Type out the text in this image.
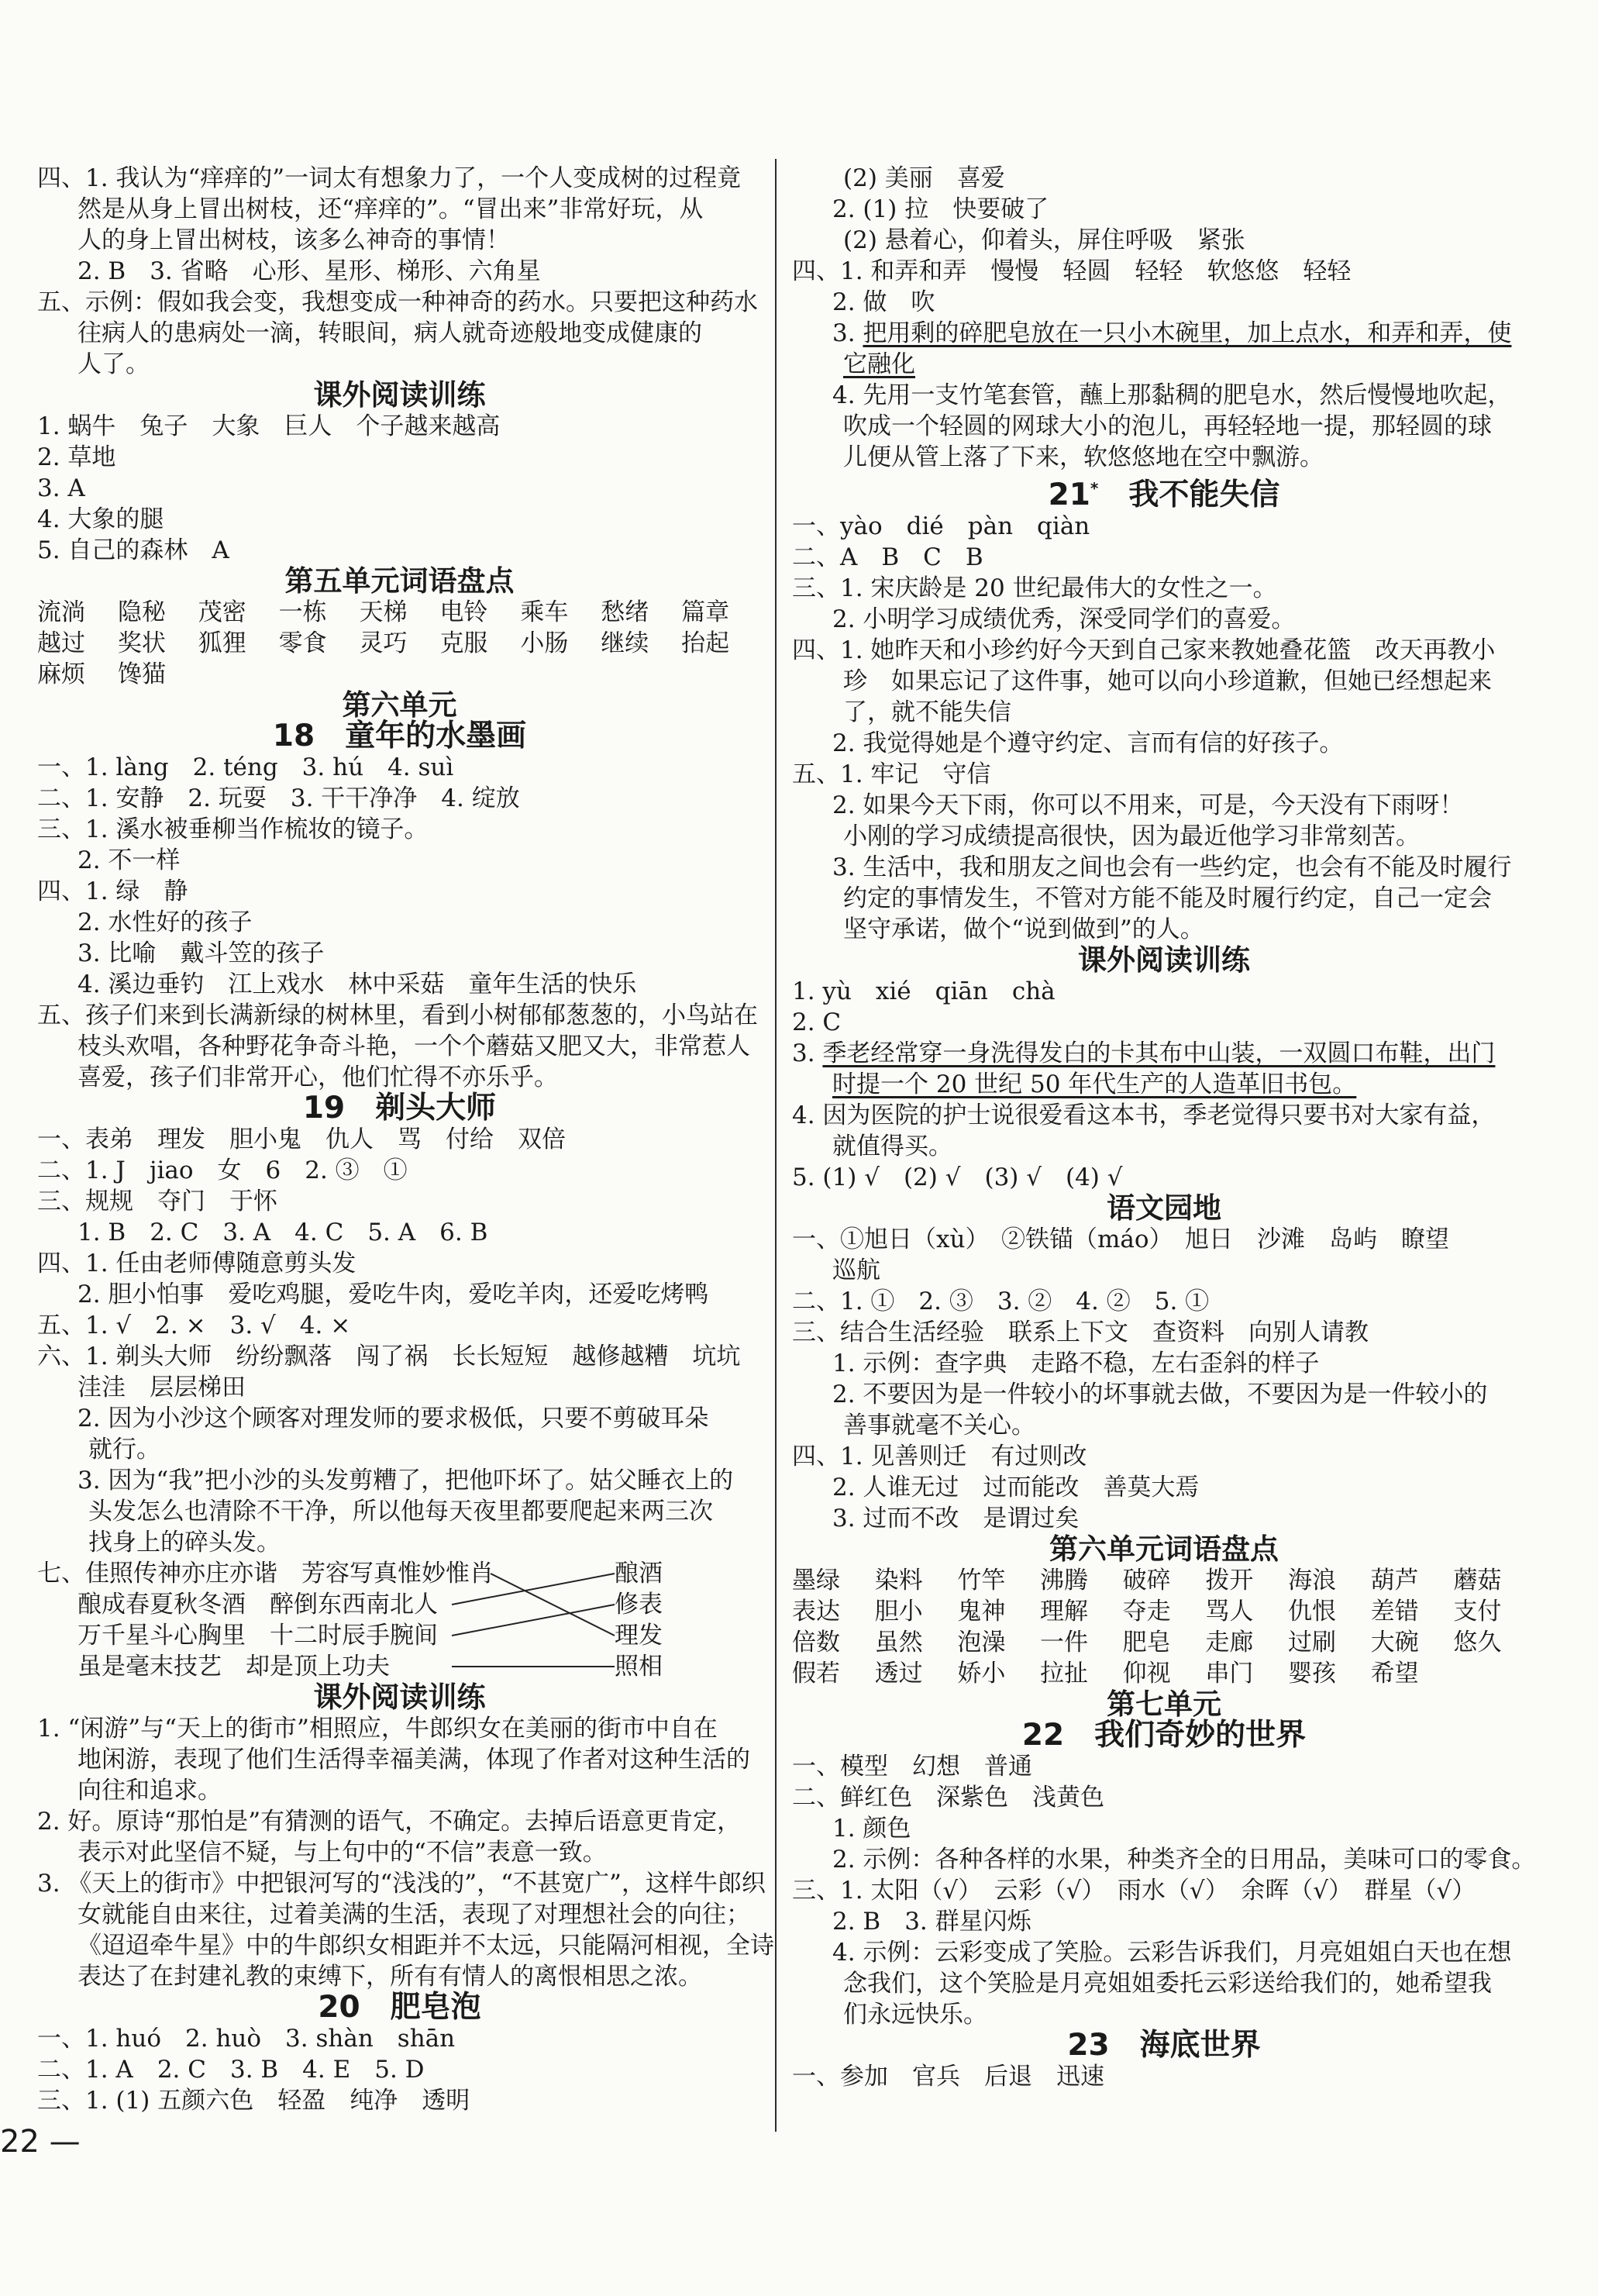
四、1. 我认为“痒痒的”一词太有想象力了，一个人变成树的过程竟
然是从身上冒出树枝，还“痒痒的”。“冒出来”非常好玩，从
人的身上冒出树枝，该多么神奇的事情！
2. B　3. 省略　心形、星形、梯形、六角星
五、示例：假如我会变，我想变成一种神奇的药水。只要把这种药水
往病人的患病处一滴，转眼间，病人就奇迹般地变成健康的
人了。
课外阅读训练
1. 蜗牛　兔子　大象　巨人　个子越来越高
2. 草地
3. A
4. 大象的腿
5. 自己的森林　A
第五单元词语盘点
流淌	隐秘	茂密	一栋	天梯	电铃	乘车	愁绪	篇章
越过	奖状	狐狸	零食	灵巧	克服	小肠	继续	抬起
麻烦	馋猫
第六单元
18　童年的水墨画
一、1. làng　2. téng　3. hú　4. suì
二、1. 安静　2. 玩耍　3. 干干净净　4. 绽放
三、1. 溪水被垂柳当作梳妆的镜子。
2. 不一样
四、1. 绿　静
2. 水性好的孩子
3. 比喻　戴斗笠的孩子
4. 溪边垂钓　江上戏水　林中采菇　童年生活的快乐
五、孩子们来到长满新绿的树林里，看到小树郁郁葱葱的，小鸟站在
枝头欢唱，各种野花争奇斗艳，一个个蘑菇又肥又大，非常惹人
喜爱，孩子们非常开心，他们忙得不亦乐乎。
19　剃头大师
一、表弟　理发　胆小鬼　仇人　骂　付给　双倍
二、1. J　jiao　女　6　2. ③　①
三、规规　夺门　于怀
1. B　2. C　3. A　4. C　5. A　6. B
四、1. 任由老师傅随意剪头发
2. 胆小怕事　爱吃鸡腿，爱吃牛肉，爱吃羊肉，还爱吃烤鸭
五、1. √　2. ×　3. √　4. ×
六、1. 剃头大师　纷纷飘落　闯了祸　长长短短　越修越糟　坑坑
洼洼　层层梯田
2. 因为小沙这个顾客对理发师的要求极低，只要不剪破耳朵
就行。
3. 因为“我”把小沙的头发剪糟了，把他吓坏了。姑父睡衣上的
头发怎么也清除不干净，所以他每天夜里都要爬起来两三次
找身上的碎头发。
七、佳照传神亦庄亦谐　芳容写真惟妙惟肖
酿成春夏秋冬酒　醉倒东西南北人
万千星斗心胸里　十二时辰手腕间
虽是毫末技艺　却是顶上功夫
酿酒
修表
理发
照相
课外阅读训练
1. “闲游”与“天上的街市”相照应，牛郎织女在美丽的街市中自在
地闲游，表现了他们生活得幸福美满，体现了作者对这种生活的
向往和追求。
2. 好。原诗“那怕是”有猜测的语气，不确定。去掉后语意更肯定，
表示对此坚信不疑，与上句中的“不信”表意一致。
3. 《天上的街市》中把银河写的“浅浅的”，“不甚宽广”，这样牛郎织
女就能自由来往，过着美满的生活，表现了对理想社会的向往；
《迢迢牵牛星》中的牛郎织女相距并不太远，只能隔河相视，全诗
表达了在封建礼教的束缚下，所有有情人的离恨相思之浓。
20　肥皂泡
一、1. huó　2. huò　3. shàn　shān
二、1. A　2. C　3. B　4. E　5. D
三、1. (1) 五颜六色　轻盈　纯净　透明
(2) 美丽　喜爱
2. (1) 拉　快要破了
(2) 悬着心，仰着头，屏住呼吸　紧张
四、1. 和弄和弄　慢慢　轻圆　轻轻　软悠悠　轻轻
2. 做　吹
3. 把用剩的碎肥皂放在一只小木碗里，加上点水，和弄和弄，使
它融化
4. 先用一支竹笔套管，蘸上那黏稠的肥皂水，然后慢慢地吹起，
吹成一个轻圆的网球大小的泡儿，再轻轻地一提，那轻圆的球
儿便从管上落了下来，软悠悠地在空中飘游。
21*　 我不能失信
一、yào　dié　pàn　qiàn
二、A　B　C　B
三、1. 宋庆龄是 20 世纪最伟大的女性之一。
2. 小明学习成绩优秀，深受同学们的喜爱。
四、1. 她昨天和小珍约好今天到自己家来教她叠花篮　改天再教小
珍　如果忘记了这件事，她可以向小珍道歉，但她已经想起来
了，就不能失信
2. 我觉得她是个遵守约定、言而有信的好孩子。
五、1. 牢记　守信
2. 如果今天下雨，你可以不用来，可是，今天没有下雨呀！
小刚的学习成绩提高很快，因为最近他学习非常刻苦。
3. 生活中，我和朋友之间也会有一些约定，也会有不能及时履行
约定的事情发生，不管对方能不能及时履行约定，自己一定会
坚守承诺，做个“说到做到”的人。
课外阅读训练
1. yù　xié　qiān　chà
2. C
3. 季老经常穿一身洗得发白的卡其布中山装，一双圆口布鞋，出门
时提一个 20 世纪 50 年代生产的人造革旧书包。
4. 因为医院的护士说很爱看这本书，季老觉得只要书对大家有益，
就值得买。
5. (1) √　(2) √　(3) √　(4) √
语文园地
一、①旭日（xù）　②铁锚（máo）　旭日　沙滩　岛屿　瞭望
巡航
二、1. ①　2. ③　3. ②　4. ②　5. ①
三、结合生活经验　联系上下文　查资料　向别人请教
1. 示例：查字典　走路不稳，左右歪斜的样子
2. 不要因为是一件较小的坏事就去做，不要因为是一件较小的
善事就毫不关心。
四、1. 见善则迁　有过则改
2. 人谁无过　过而能改　善莫大焉
3. 过而不改　是谓过矣
第六单元词语盘点
墨绿	染料	竹竿	沸腾	破碎	拨开	海浪	葫芦	蘑菇
表达	胆小	鬼神	理解	夺走	骂人	仇恨	差错	支付
倍数	虽然	泡澡	一件	肥皂	走廊	过刷	大碗	悠久
假若	透过	娇小	拉扯	仰视	串门	婴孩	希望
第七单元
22　我们奇妙的世界
一、模型　幻想　普通
二、鲜红色　深紫色　浅黄色
1. 颜色
2. 示例：各种各样的水果，种类齐全的日用品，美味可口的零食。
三、1. 太阳（√）　云彩（√）　雨水（√）　余晖（√）　群星（√）
2. B　3. 群星闪烁
4. 示例：云彩变成了笑脸。云彩告诉我们，月亮姐姐白天也在想
念我们，这个笑脸是月亮姐姐委托云彩送给我们的，她希望我
们永远快乐。
23　海底世界
一、参加　官兵　后退　迅速
22 —
